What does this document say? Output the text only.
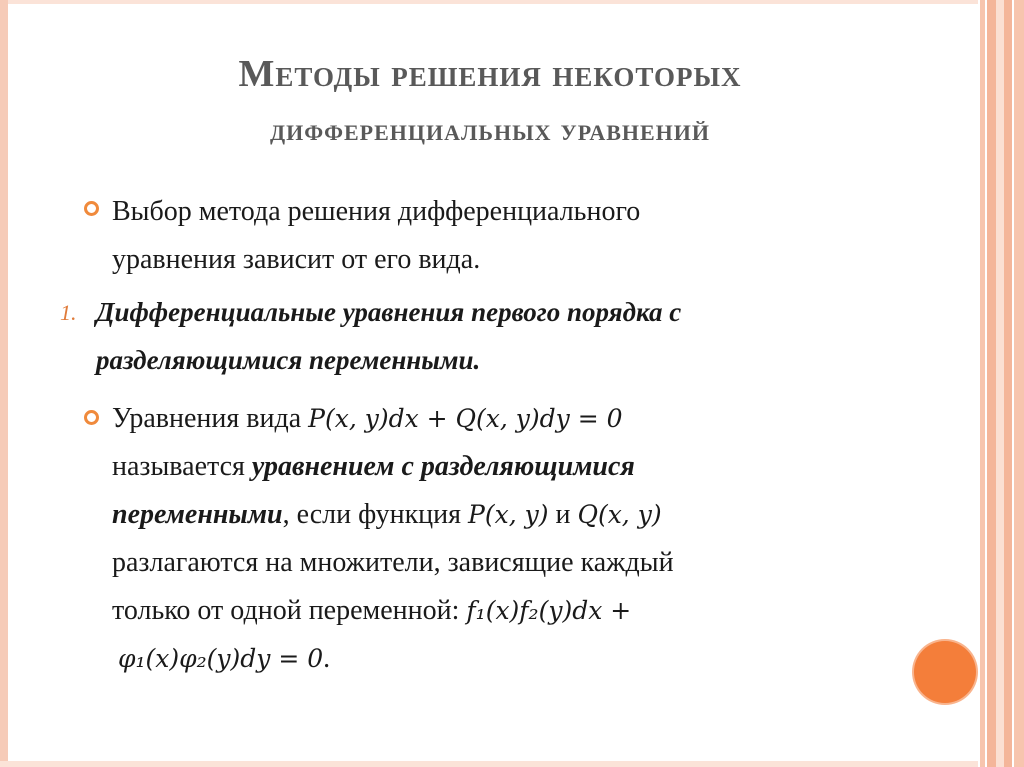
Методы решения некоторых
дифференциальных уравнений
Выбор метода решения дифференциального
уравнения зависит от его вида.
1. Дифференциальные уравнения первого порядка с
разделяющимися переменными.
Уравнения вида P(x, y)dx + Q(x, y)dy = 0
называется уравнением с разделяющимися
переменными, если функция P(x, y) и Q(x, y)
разлагаются на множители, зависящие каждый
только от одной переменной: f₁(x)f₂(y)dx +
φ₁(x)φ₂(y)dy = 0.
